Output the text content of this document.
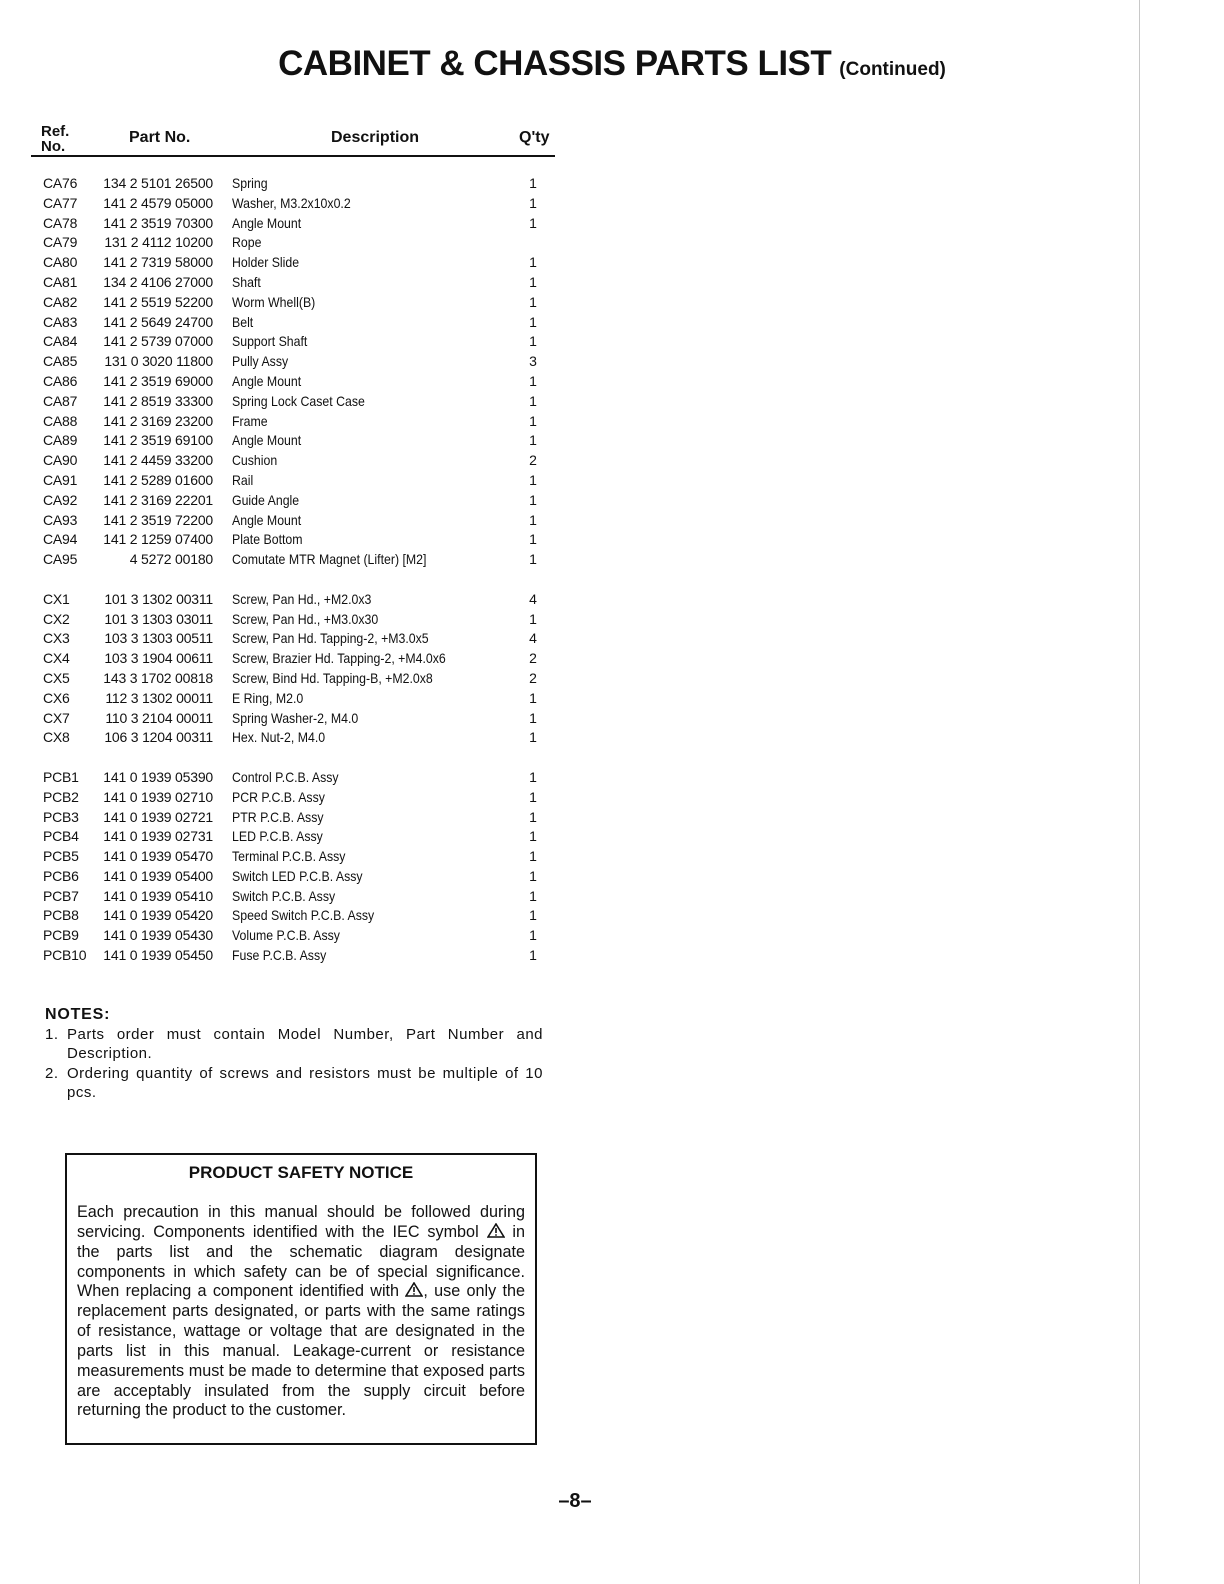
CABINET & CHASSIS PARTS LIST (Continued)
Ref.
No.
Part No.	Description	Q'ty
CA76	134 2 5101 26500 Spring	1
CA77	141 2 4579 05000 Washer, M3.2x10x0.2	1
CA78	141 2 3519 70300 Angle Mount	1
CA79	131 2 4112 10200 Rope
CA80	141 2 7319 58000 Holder Slide	1
CA81	134 2 4106 27000 Shaft	1
CA82	141 2 5519 52200 Worm Whell(B)	1
CA83	141 2 5649 24700 Belt	1
CA84	141 2 5739 07000 Support Shaft	1
CA85	131 0 3020 11800 Pully Assy	3
CA86	141 2 3519 69000 Angle Mount	1
CA87	141 2 8519 33300 Spring Lock Caset Case	1
CA88	141 2 3169 23200 Frame	1
CA89	141 2 3519 69100 Angle Mount	1
CA90	141 2 4459 33200 Cushion	2
CA91	141 2 5289 01600 Rail	1
CA92	141 2 3169 22201 Guide Angle	1
CA93	141 2 3519 72200 Angle Mount	1
CA94	141 2 1259 07400 Plate Bottom	1
CA95	4 5272 00180 Comutate MTR Magnet (Lifter) [M2]	1
CX1	101 3 1302 00311 Screw, Pan Hd., +M2.0x3	4
CX2	101 3 1303 03011 Screw, Pan Hd., +M3.0x30	1
CX3	103 3 1303 00511 Screw, Pan Hd. Tapping-2, +M3.0x5	4
CX4	103 3 1904 00611 Screw, Brazier Hd. Tapping-2, +M4.0x6	2
CX5	143 3 1702 00818 Screw, Bind Hd. Tapping-B, +M2.0x8	2
CX6	112 3 1302 00011 E Ring, M2.0	1
CX7	110 3 2104 00011 Spring Washer-2, M4.0	1
CX8	106 3 1204 00311 Hex. Nut-2, M4.0	1
PCB1	141 0 1939 05390 Control P.C.B. Assy	1
PCB2	141 0 1939 02710 PCR P.C.B. Assy	1
PCB3	141 0 1939 02721 PTR P.C.B. Assy	1
PCB4	141 0 1939 02731 LED P.C.B. Assy	1
PCB5	141 0 1939 05470 Terminal P.C.B. Assy	1
PCB6	141 0 1939 05400 Switch LED P.C.B. Assy	1
PCB7	141 0 1939 05410 Switch P.C.B. Assy	1
PCB8	141 0 1939 05420 Speed Switch P.C.B. Assy	1
PCB9	141 0 1939 05430 Volume P.C.B. Assy	1
PCB10	141 0 1939 05450 Fuse P.C.B. Assy	1
NOTES:
1. Parts order must contain Model Number, Part Number and Description.
2. Ordering quantity of screws and resistors must be multiple of 10 pcs.
PRODUCT SAFETY NOTICE
Each precaution in this manual should be followed during servicing. Components identified with the IEC symbol in the parts list and the schematic diagram designate components in which safety can be of special significance. When replacing a component identified with , use only the replacement parts designated, or parts with the same ratings of resistance, wattage or voltage that are designated in the parts list in this manual. Leakage-current or resistance measurements must be made to determine that exposed parts are acceptably insulated from the supply circuit before returning the product to the customer.
–8–
